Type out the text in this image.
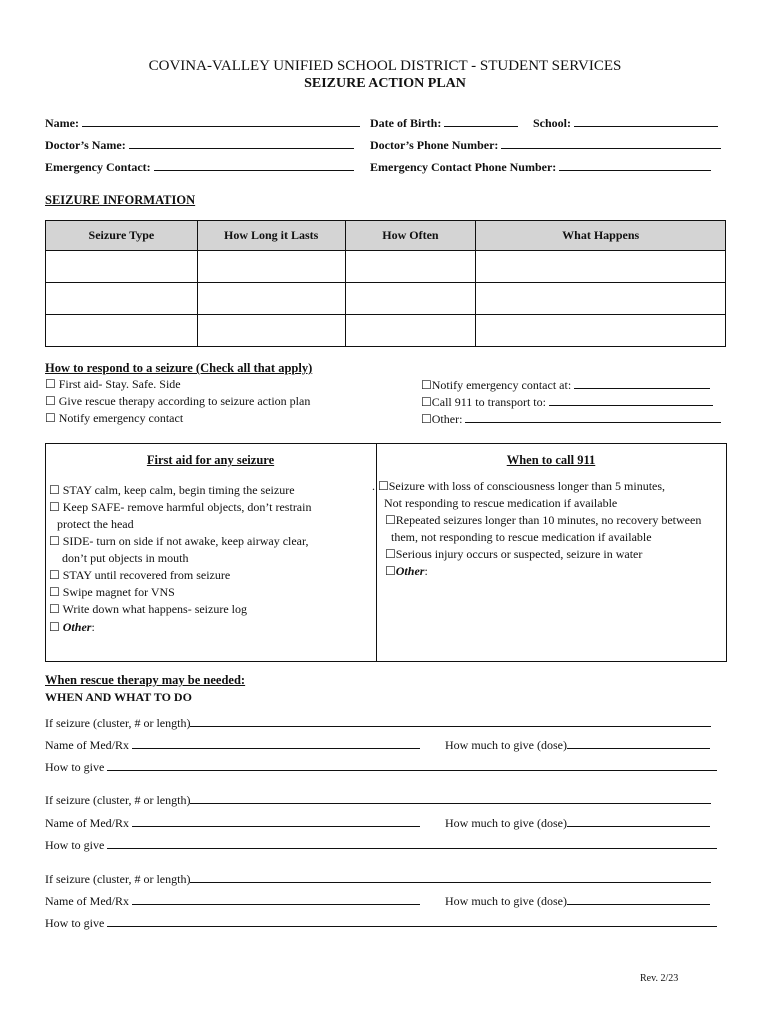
COVINA-VALLEY UNIFIED SCHOOL DISTRICT - STUDENT SERVICES
SEIZURE ACTION PLAN
Name:	Date of Birth:	School:
Doctor’s Name:	Doctor’s Phone Number:
Emergency Contact:	Emergency Contact Phone Number:
SEIZURE INFORMATION
Seizure Type	How Long it Lasts	How Often	What Happens

How to respond to a seizure (Check all that apply)
☐ First aid- Stay. Safe. Side
☐ Give rescue therapy according to seizure action plan
☐ Notify emergency contact
☐Notify emergency contact at:
☐Call 911 to transport to:
☐Other:
First aid for any seizure
☐ STAY calm, keep calm, begin timing the seizure
☐ Keep SAFE- remove harmful objects, don’t restrain
protect the head
☐ SIDE- turn on side if not awake, keep airway clear,
don’t put objects in mouth
☐ STAY until recovered from seizure
☐ Swipe magnet for VNS
☐ Write down what happens- seizure log
☐ Other:
When to call 911
. ☐Seizure with loss of consciousness longer than 5 minutes,
Not responding to rescue medication if available
☐Repeated seizures longer than 10 minutes, no recovery between
them, not responding to rescue medication if available
☐Serious injury occurs or suspected, seizure in water
☐Other:
When rescue therapy may be needed:
WHEN AND WHAT TO DO
If seizure (cluster, # or length)
Name of Med/Rx	How much to give (dose)
How to give
If seizure (cluster, # or length)
Name of Med/Rx	How much to give (dose)
How to give
If seizure (cluster, # or length)
Name of Med/Rx	How much to give (dose)
How to give
Rev. 2/23
